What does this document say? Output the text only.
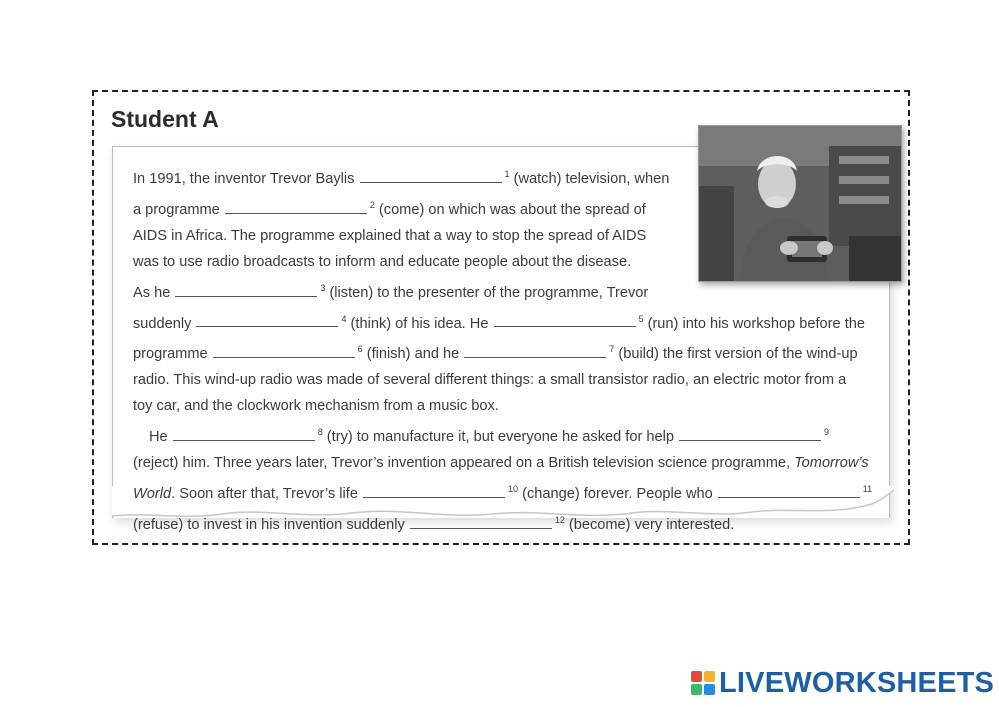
Student A
In 1991, the inventor Trevor Baylis	$^1$ (watch) television, when
a programme	$^2$ (come) on which was about the spread of
AIDS in Africa. The programme explained that a way to stop the spread of AIDS
was to use radio broadcasts to inform and educate people about the disease.
As he	$^3$ (listen) to the presenter of the programme, Trevor
suddenly	$^4$ (think) of his idea. He	$^5$ (run) into his workshop before the
programme	$^6$ (finish) and he	$^7$ (build) the first version of the wind-up
radio. This wind-up radio was made of several different things: a small transistor radio, an electric motor from a
toy car, and the clockwork mechanism from a music box.
He	$^8$ (try) to manufacture it, but everyone he asked for help	$^9$
(reject) him. Three years later, Trevor’s invention appeared on a British television science programme, Tomorrow’s
World. Soon after that, Trevor’s life	$^{10}$ (change) forever. People who	$^{11}$
(refuse) to invest in his invention suddenly	$^{12}$ (become) very interested.
LIVEWORKSHEETS
